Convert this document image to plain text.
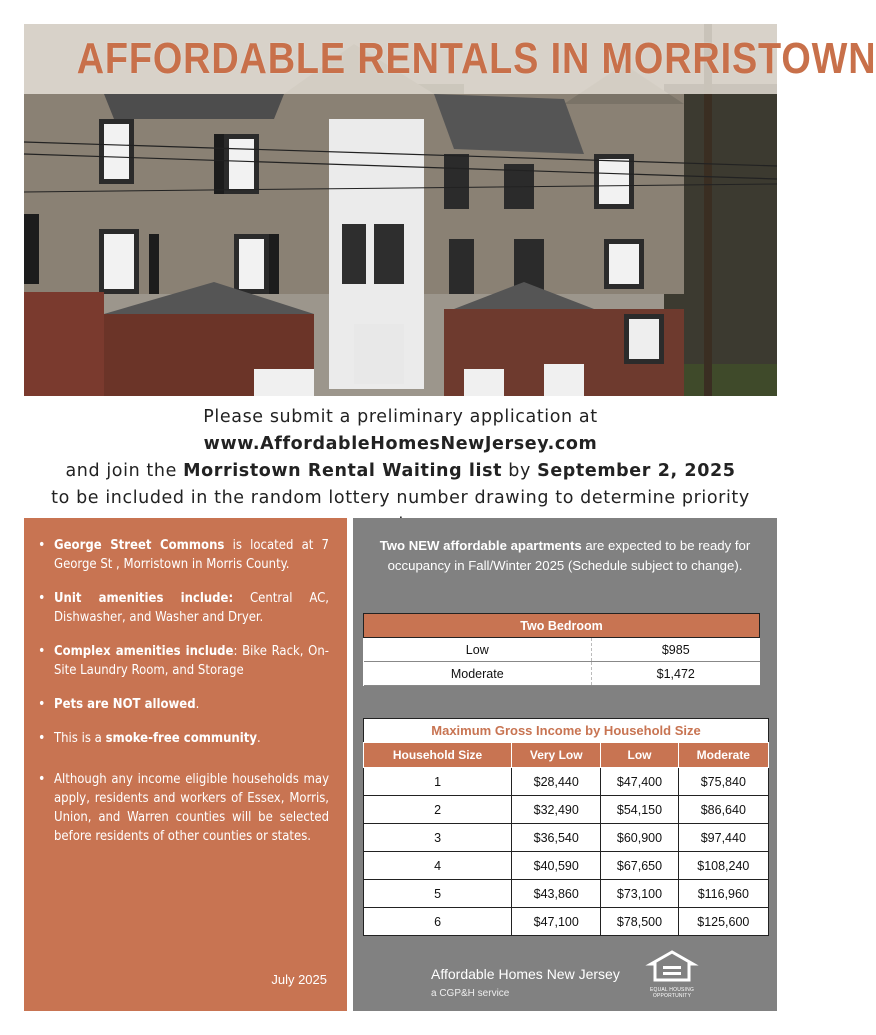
AFFORDABLE RENTALS IN MORRISTOWN
Please submit a preliminary application at www.AffordableHomesNewJersey.com
and join the Morristown Rental Waiting list by September 2, 2025
to be included in the random lottery number drawing to determine priority
• George Street Commons is located at 7 George St , Morristown in Morris County.
• Unit amenities include: Central AC, Dishwasher, and Washer and Dryer.
• Complex amenities include: Bike Rack, On-Site Laundry Room, and Storage
• Pets are NOT allowed.
• This is a smoke-free community.
• Although any income eligible households may apply, residents and workers of Essex, Morris, Union, and Warren counties will be selected before residents of other counties or states.
July 2025
Two NEW affordable apartments are expected to be ready for occupancy in Fall/Winter 2025 (Schedule subject to change).
Two Bedroom	
Low	$985
Moderate	$1,472
Maximum Gross Income by Household Size
Household Size	Very Low	Low	Moderate
1	$28,440	$47,400	$75,840
2	$32,490	$54,150	$86,640
3	$36,540	$60,900	$97,440
4	$40,590	$67,650	$108,240
5	$43,860	$73,100	$116,960
6	$47,100	$78,500	$125,600
Affordable Homes New Jersey
a CGP&H service	EQUAL HOUSING OPPORTUNITY
